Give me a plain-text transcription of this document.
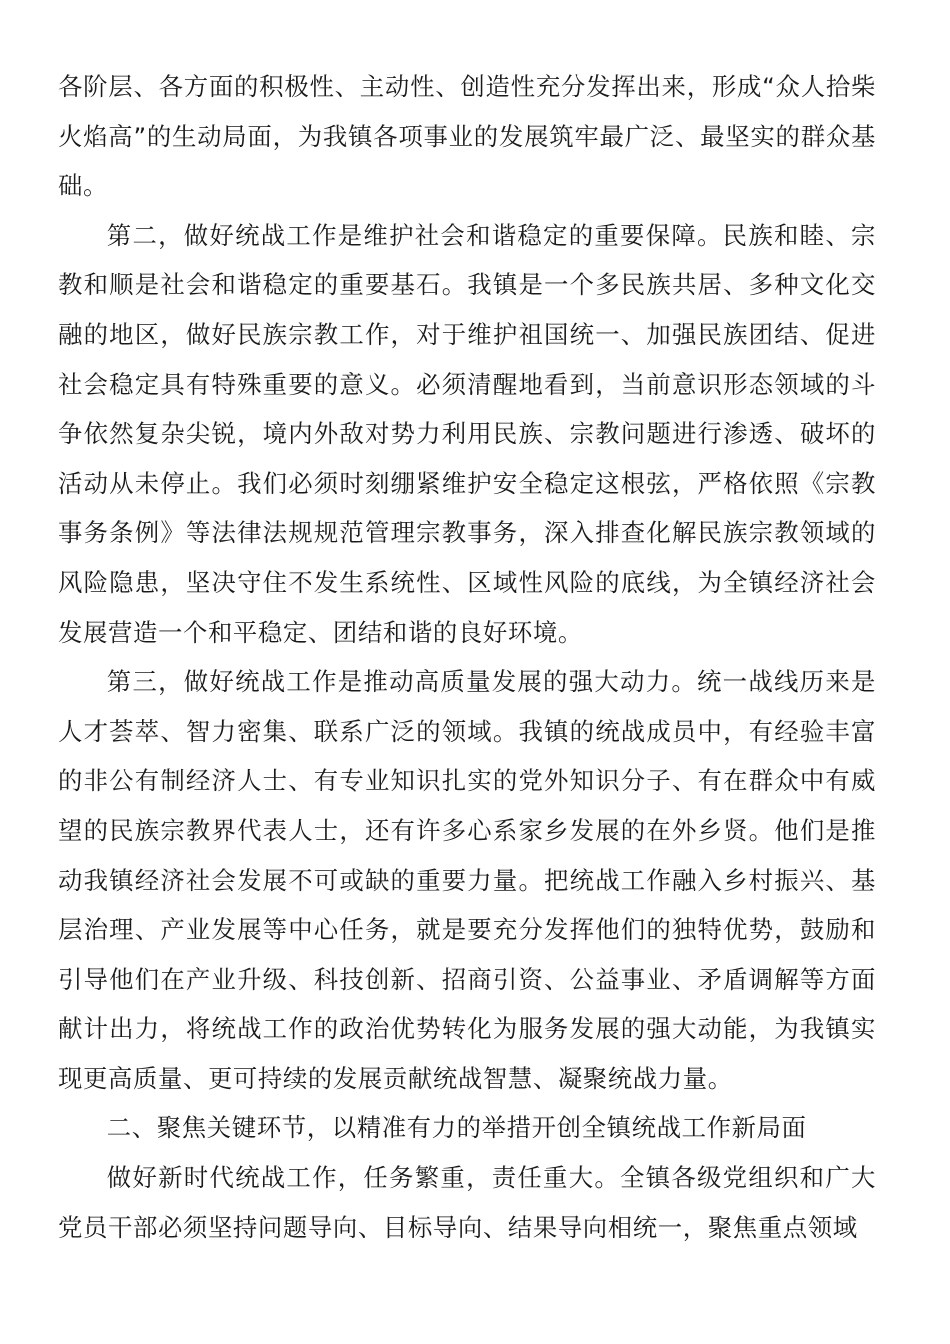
各阶层、各方面的积极性、主动性、创造性充分发挥出来，形成“众人拾柴火焰高”的生动局面，为我镇各项事业的发展筑牢最广泛、最坚实的群众基础。

第二，做好统战工作是维护社会和谐稳定的重要保障。民族和睦、宗教和顺是社会和谐稳定的重要基石。我镇是一个多民族共居、多种文化交融的地区，做好民族宗教工作，对于维护祖国统一、加强民族团结、促进社会稳定具有特殊重要的意义。必须清醒地看到，当前意识形态领域的斗争依然复杂尖锐，境内外敌对势力利用民族、宗教问题进行渗透、破坏的活动从未停止。我们必须时刻绷紧维护安全稳定这根弦，严格依照《宗教事务条例》等法律法规规范管理宗教事务，深入排查化解民族宗教领域的风险隐患，坚决守住不发生系统性、区域性风险的底线，为全镇经济社会发展营造一个和平稳定、团结和谐的良好环境。

第三，做好统战工作是推动高质量发展的强大动力。统一战线历来是人才荟萃、智力密集、联系广泛的领域。我镇的统战成员中，有经验丰富的非公有制经济人士、有专业知识扎实的党外知识分子、有在群众中有威望的民族宗教界代表人士，还有许多心系家乡发展的在外乡贤。他们是推动我镇经济社会发展不可或缺的重要力量。把统战工作融入乡村振兴、基层治理、产业发展等中心任务，就是要充分发挥他们的独特优势，鼓励和引导他们在产业升级、科技创新、招商引资、公益事业、矛盾调解等方面献计出力，将统战工作的政治优势转化为服务发展的强大动能，为我镇实现更高质量、更可持续的发展贡献统战智慧、凝聚统战力量。

二、聚焦关键环节，以精准有力的举措开创全镇统战工作新局面

做好新时代统战工作，任务繁重，责任重大。全镇各级党组织和广大党员干部必须坚持问题导向、目标导向、结果导向相统一，聚焦重点领域
